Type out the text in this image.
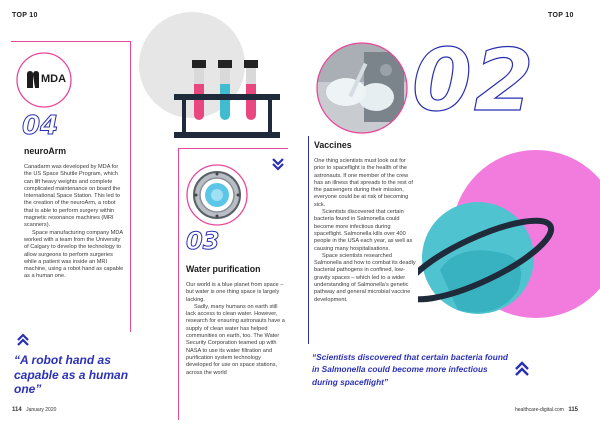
TOP 10	TOP 10
MDA
04
neuroArm

Canadarm was developed by MDA for the US Space Shuttle Program, which can lift heavy weights and complete complicated maintenance on board the International Space Station. This led to the creation of the neuroArm, a robot that is able to perform surgery within magnetic resonance machines (MRI scanners).

Space manufacturing company MDA worked with a team from the University of Calgary to develop the technology to allow surgeons to perform surgeries while a patient was inside an MRI machine, using a robot hand as capable as a human one.

“A robot hand as capable as a human one”
114 January 2020
03
Water purification

Our world is a blue planet from space – but water is one thing space is largely lacking.

Sadly, many humans on earth still lack access to clean water. However, research for ensuring astronauts have a supply of clean water has helped communities on earth, too. The Water Security Corporation teamed up with NASA to use its water filtration and purification system technology developed for use on space stations, across the world

02
Vaccines

One thing scientists must look out for prior to spaceflight is the health of the astronauts. If one member of the crew has an illness that spreads to the rest of the passengers during their mission, everyone could be at risk of becoming sick.

Scientists discovered that certain bacteria found in Salmonella could become more infectious during spaceflight. Salmonella kills over 400 people in the USA each year, as well as causing many hospitalisations.

Space scientists researched Salmonella and how to combat its deadly bacterial pathogens in confined, low-gravity spaces – which led to a wider understanding of Salmonella’s genetic pathway and general microbial vaccine development.

“Scientists discovered that certain bacteria found in Salmonella could become more infectious during spaceflight”
healthcare-digital.com 115
